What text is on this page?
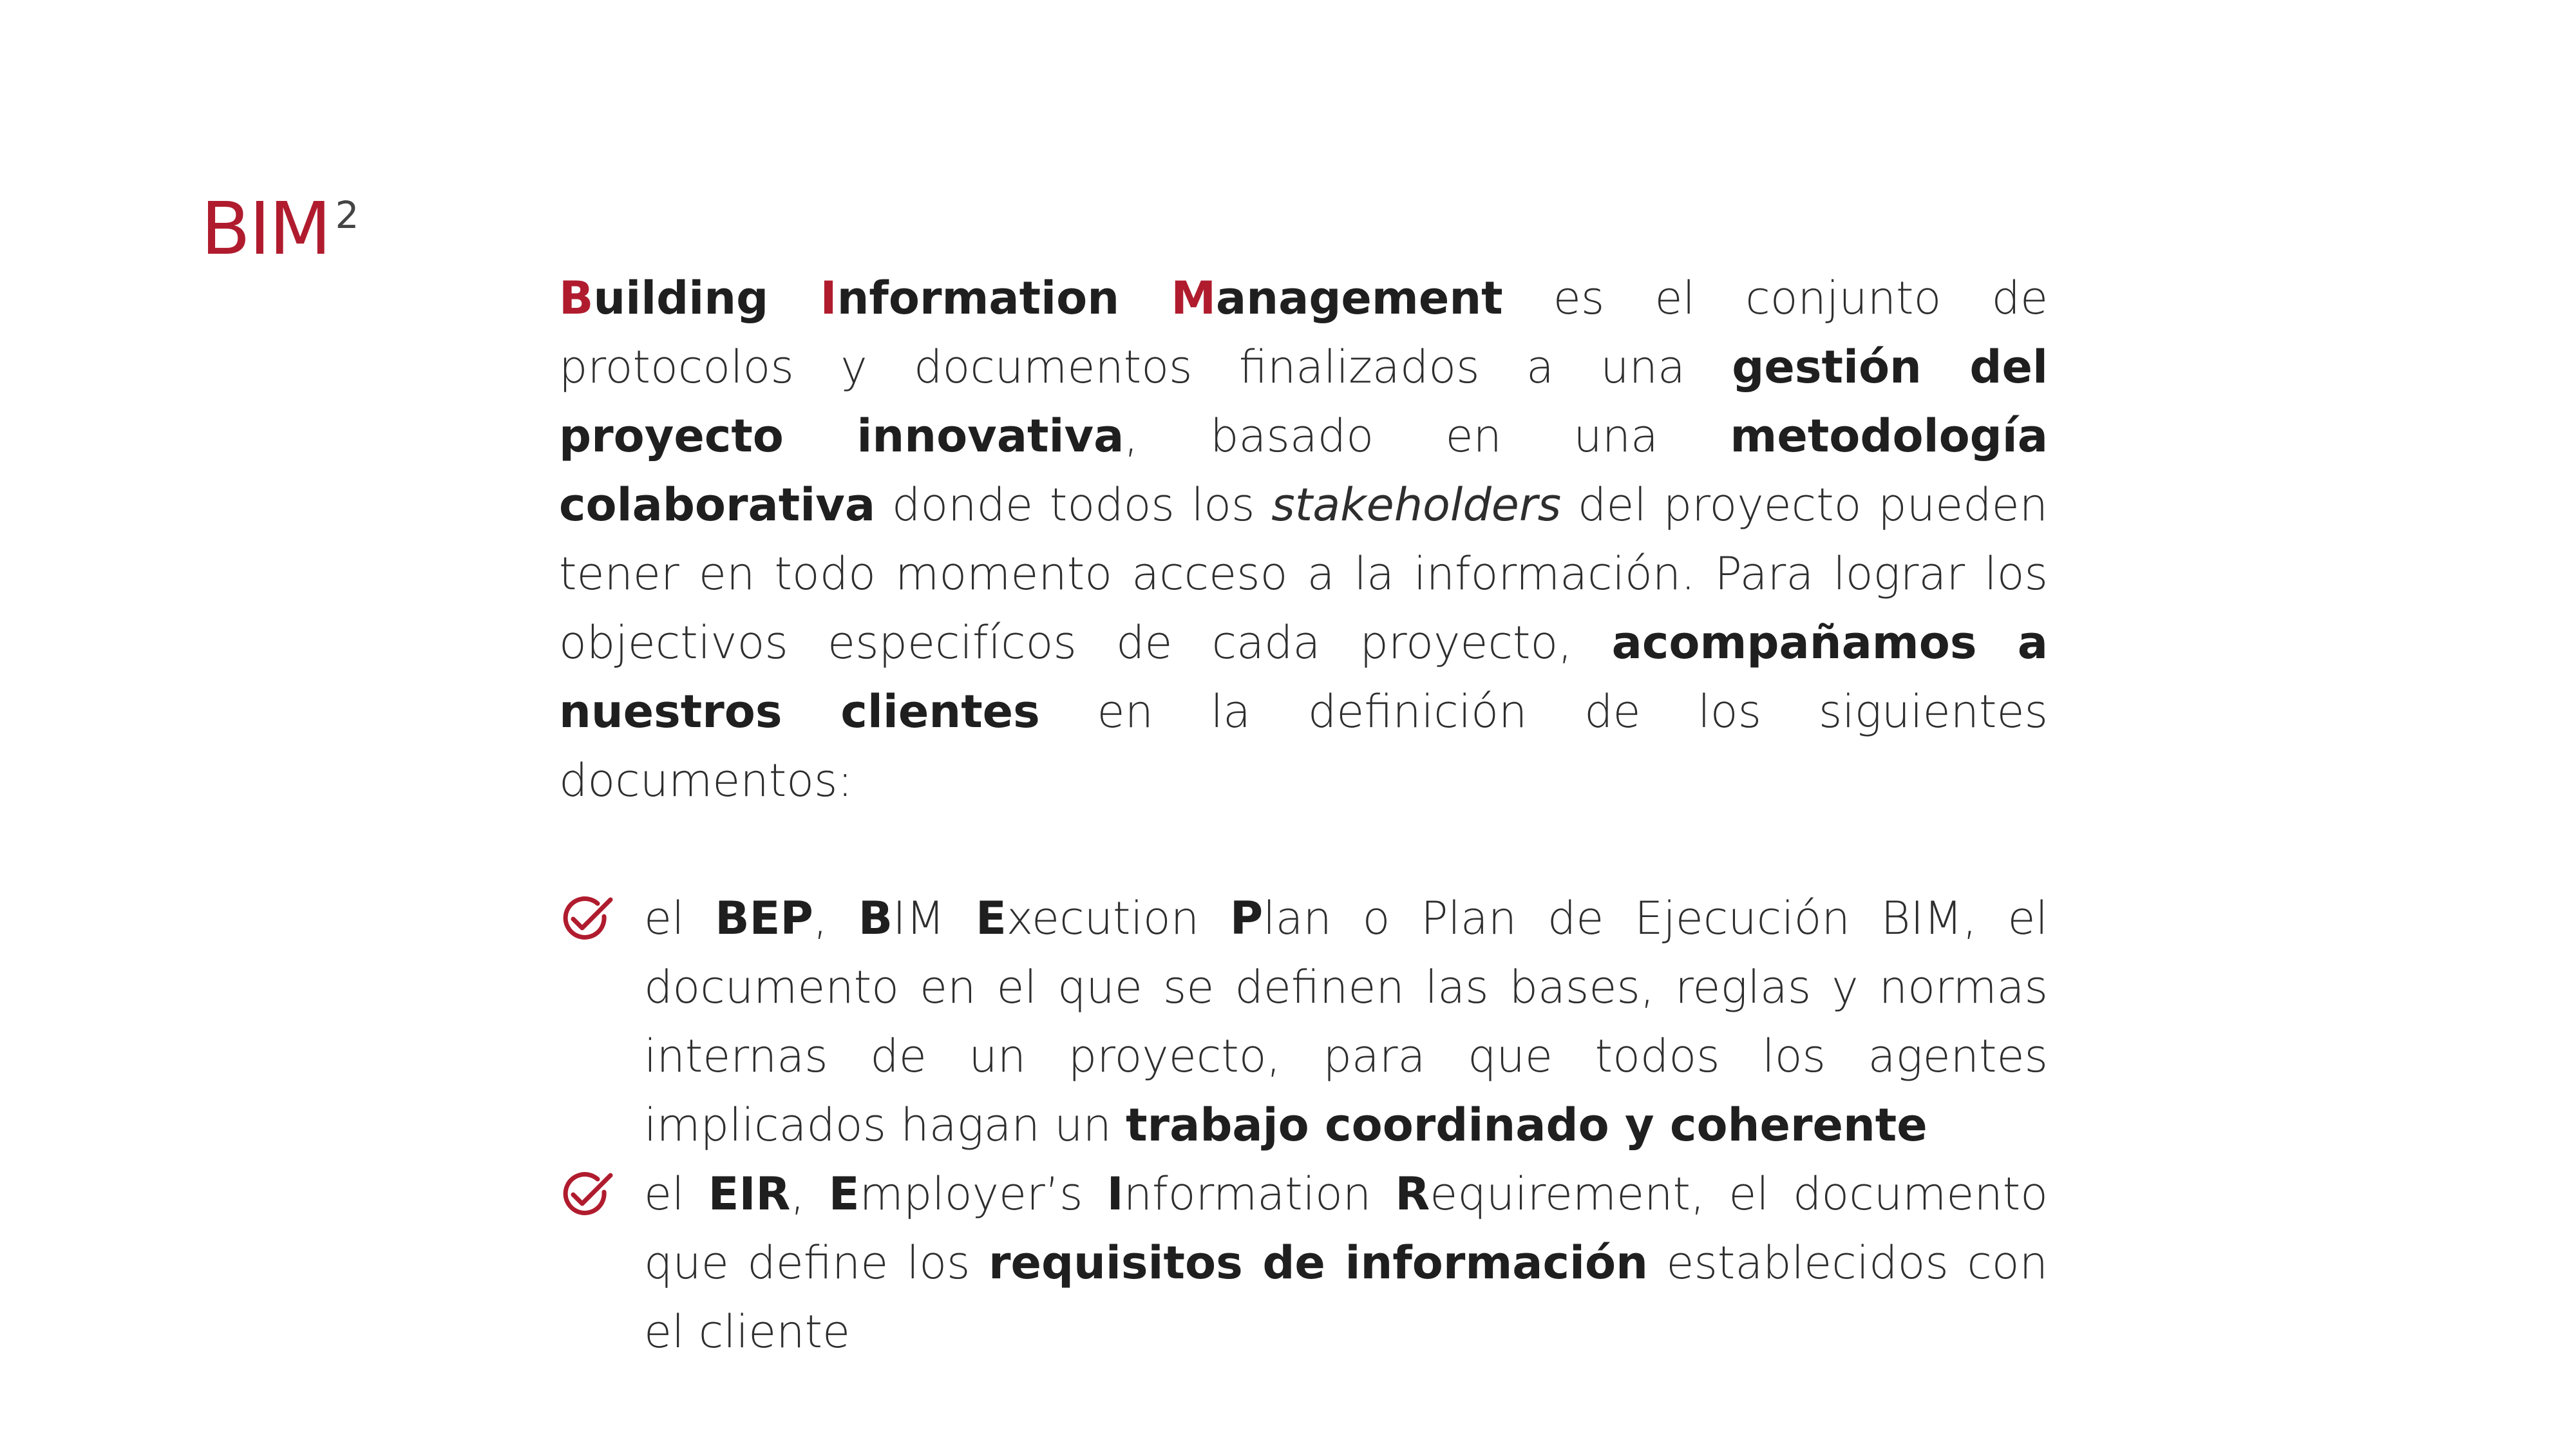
BIM $^2$

Building Information Management es el conjunto de protocolos y documentos finalizados a una gestión del proyecto innovativa, basado en una metodología colaborativa donde todos los stakeholders del proyecto pueden tener en todo momento acceso a la información. Para lograr los objectivos especifícos de cada proyecto, acompañamos a nuestros clientes en la definición de los siguientes documentos:

el BEP, BIM Execution Plan o Plan de Ejecución BIM, el documento en el que se definen las bases, reglas y normas internas de un proyecto, para que todos los agentes implicados hagan un trabajo coordinado y coherente
el EIR, Employer’s Information Requirement, el documento que define los requisitos de información establecidos con el cliente
